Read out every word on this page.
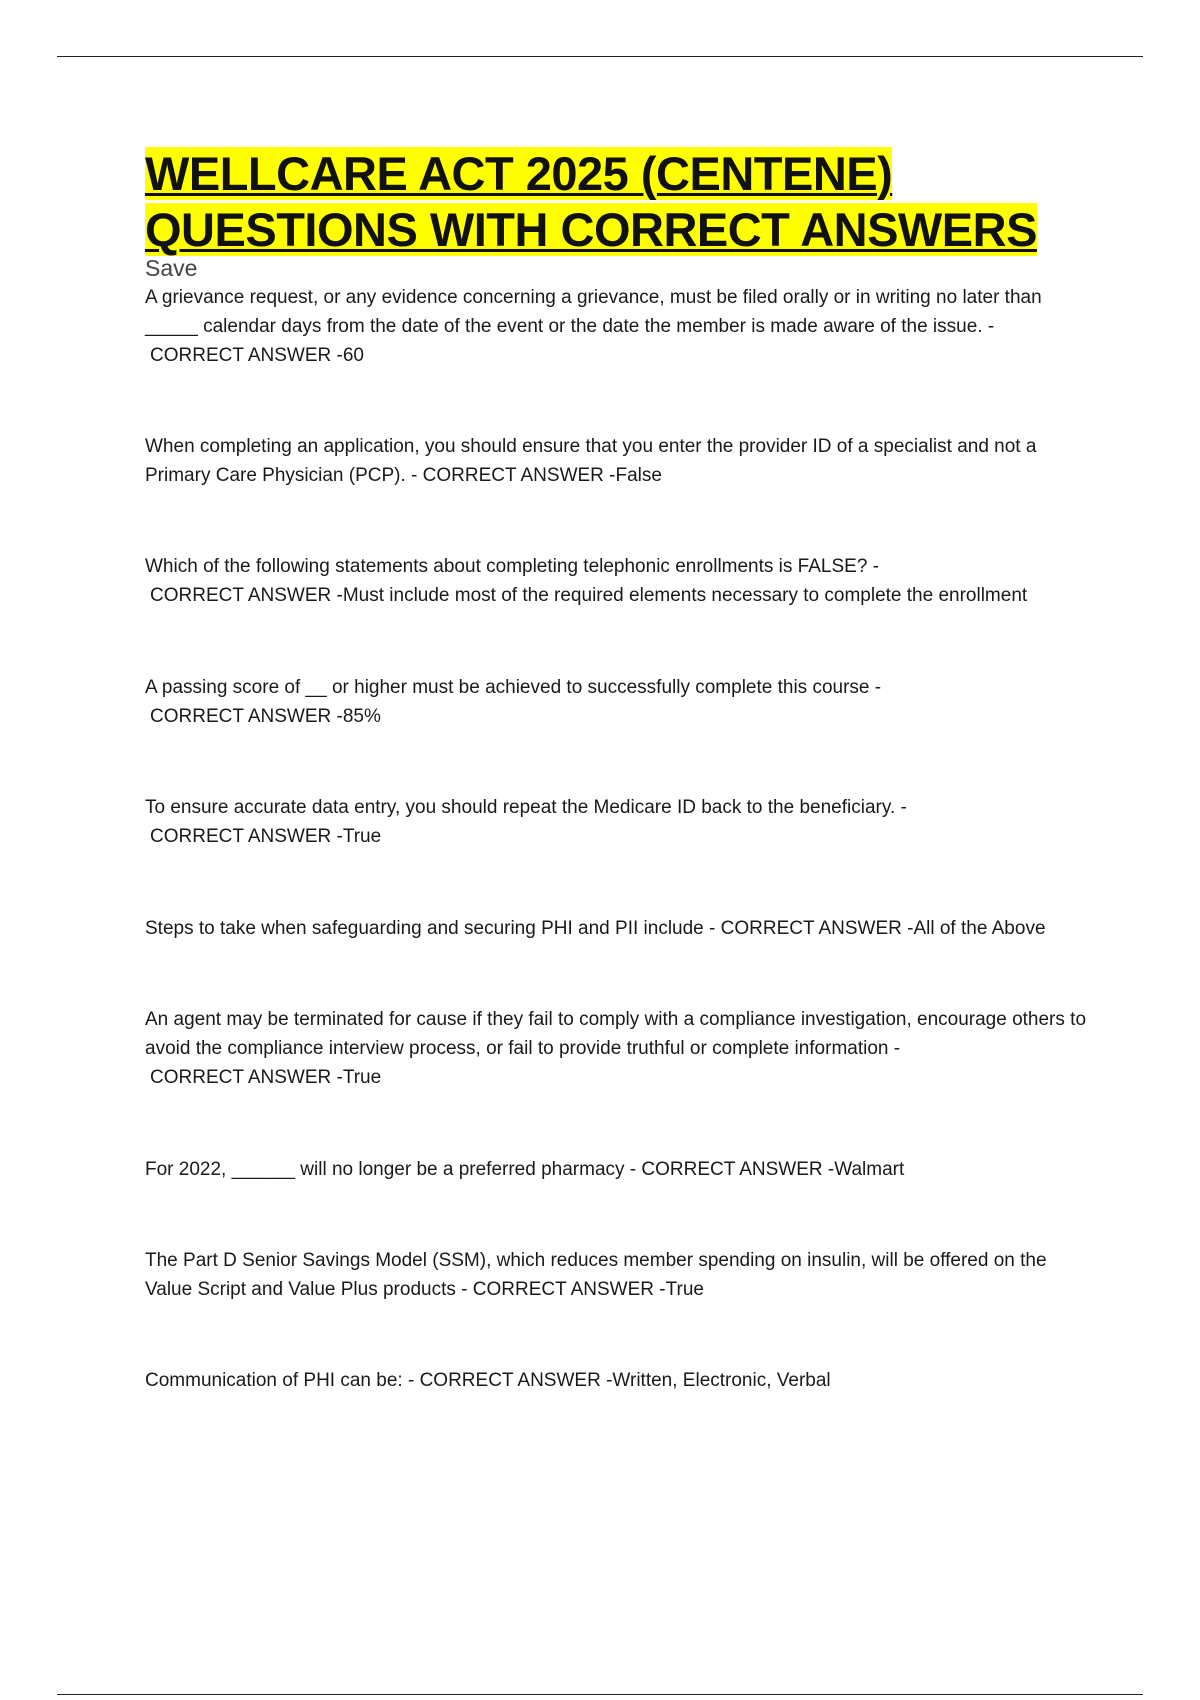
WELLCARE ACT 2025 (CENTENE)
QUESTIONS WITH CORRECT ANSWERS
Save

A grievance request, or any evidence concerning a grievance, must be filed orally or in writing no later than _____ calendar days from the date of the event or the date the member is made aware of the issue. -
CORRECT ANSWER -60

When completing an application, you should ensure that you enter the provider ID of a specialist and not a Primary Care Physician (PCP). - CORRECT ANSWER -False

Which of the following statements about completing telephonic enrollments is FALSE? -
CORRECT ANSWER -Must include most of the required elements necessary to complete the enrollment

A passing score of __ or higher must be achieved to successfully complete this course -
CORRECT ANSWER -85%

To ensure accurate data entry, you should repeat the Medicare ID back to the beneficiary. -
CORRECT ANSWER -True

Steps to take when safeguarding and securing PHI and PII include - CORRECT ANSWER -All of the Above

An agent may be terminated for cause if they fail to comply with a compliance investigation, encourage others to avoid the compliance interview process, or fail to provide truthful or complete information -
CORRECT ANSWER -True

For 2022, ______ will no longer be a preferred pharmacy - CORRECT ANSWER -Walmart

The Part D Senior Savings Model (SSM), which reduces member spending on insulin, will be offered on the Value Script and Value Plus products - CORRECT ANSWER -True

Communication of PHI can be: - CORRECT ANSWER -Written, Electronic, Verbal
